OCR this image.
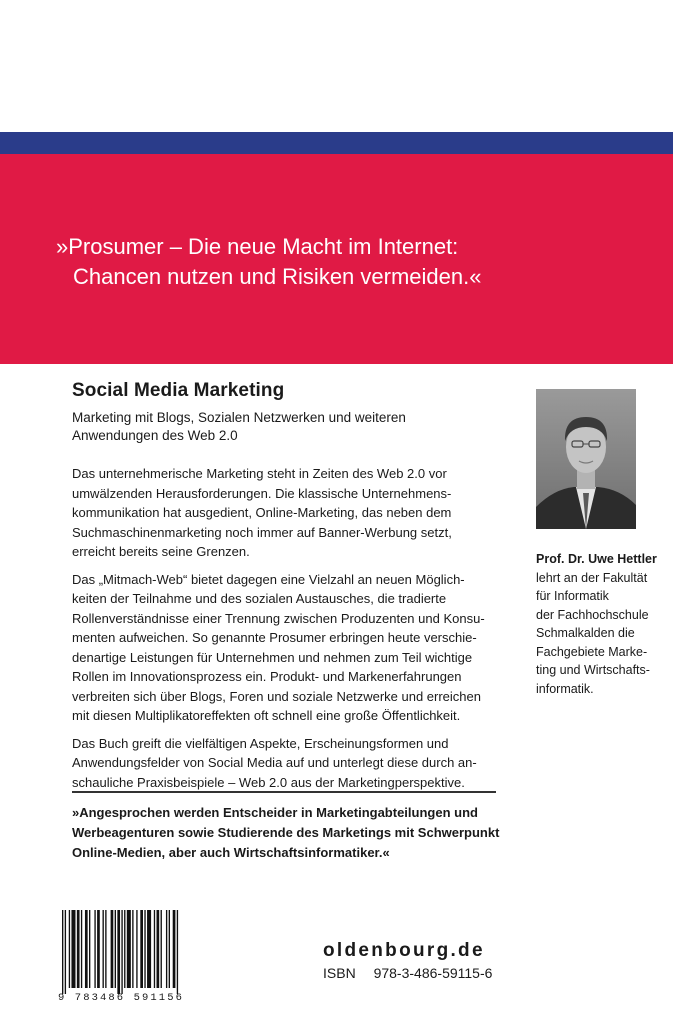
»Prosumer – Die neue Macht im Internet:
Chancen nutzen und Risiken vermeiden.«
Social Media Marketing
Marketing mit Blogs, Sozialen Netzwerken und weiteren Anwendungen des Web 2.0

Das unternehmerische Marketing steht in Zeiten des Web 2.0 vor
umwälzenden Herausforderungen. Die klassische Unternehmens-
kommunikation hat ausgedient, Online-Marketing, das neben dem
Suchmaschinenmarketing noch immer auf Banner-Werbung setzt,
erreicht bereits seine Grenzen.

Das „Mitmach-Web“ bietet dagegen eine Vielzahl an neuen Möglich-
keiten der Teilnahme und des sozialen Austausches, die tradierte
Rollenverständnisse einer Trennung zwischen Produzenten und Konsu-
menten aufweichen. So genannte Prosumer erbringen heute verschie-
denartige Leistungen für Unternehmen und nehmen zum Teil wichtige
Rollen im Innovationsprozess ein. Produkt- und Markenerfahrungen
verbreiten sich über Blogs, Foren und soziale Netzwerke und erreichen
mit diesen Multiplikatoreffekten oft schnell eine große Öffentlichkeit.

Das Buch greift die vielfältigen Aspekte, Erscheinungsformen und
Anwendungsfelder von Social Media auf und unterlegt diese durch an-
schauliche Praxisbeispiele – Web 2.0 aus der Marketingperspektive.

»Angesprochen werden Entscheider in Marketingabteilungen und
Werbeagenturen sowie Studierende des Marketings mit Schwerpunkt
Online-Medien, aber auch Wirtschaftsinformatiker.«
Prof. Dr. Uwe Hettler
lehrt an der Fakultät
für Informatik
der Fachhochschule
Schmalkalden die
Fachgebiete Marke-
ting und Wirtschafts-
informatik.
9 783486 591156
oldenbourg.de
ISBN 978-3-486-59115-6
